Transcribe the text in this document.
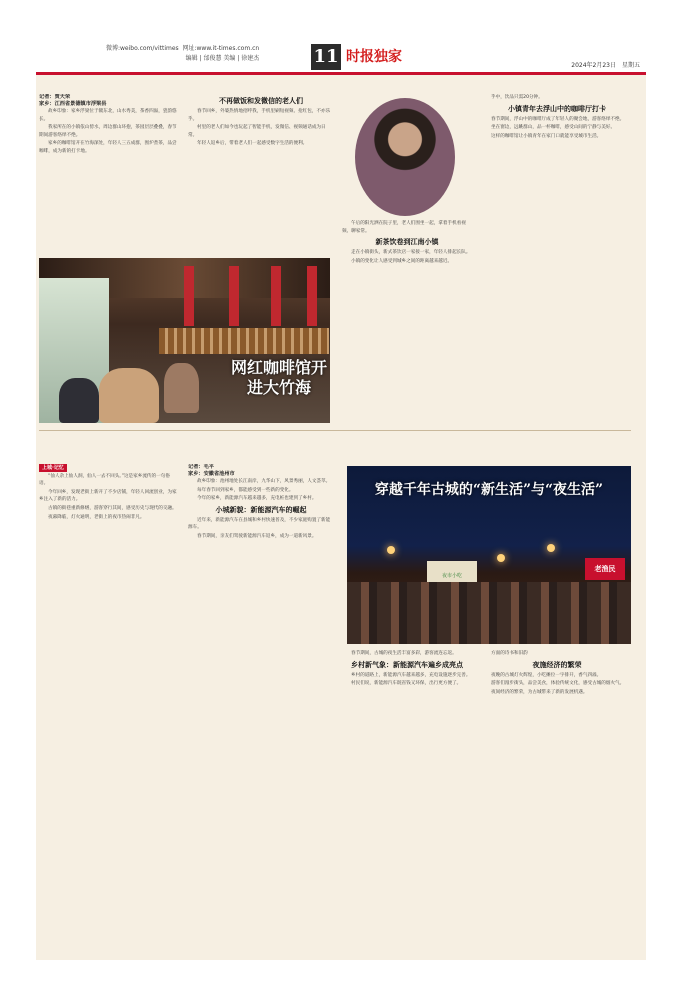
微博:weibo.com/vittimes 网址:www.it-times.com.cn
编辑 | 邰俊慧 美编 | 徐建杰	11 时报独家
2024年2月23日　星期五
记者：贾天荣
家乡：江西省景德镇市浮梁县

故乡印象：家乡浮梁位于赣东北，山水秀美，茶香四溢，瓷韵悠长。

我家所在的小镇依山傍水，周边群山环抱，茶园层层叠叠，春节期间游客络绎不绝。

家乡的咖啡馆开在竹海深处，年轻人三五成群，围炉煮茶，品尝咖啡，成为新的打卡地。

网红咖啡馆开进大竹海
不再做饭和发微信的老人们

春节回乡，外婆热情地招呼我，手机里刷短视频、抢红包，不亦乐乎。

村里的老人们如今也玩起了智能手机，发微信、视频通话成为日常。

年轻人返乡后，带着老人们一起感受数字生活的便利。

午后的阳光洒在院子里，老人们围坐一起，拿着手机看视频、聊家常。

新茶饮卷到江南小镇

走在小镇街头，新式茶饮店一家接一家，年轻人排起长队。

小镇的变化让人感受到城乡之间的距离越来越近。

乎中，饮品只需20分钟。

小镇青年去浮山中的咖啡厅打卡

春节期间，浮山中的咖啡厅成了年轻人的聚会地，游客络绎不绝。

坐在窗边，远眺群山，品一杯咖啡，感受山间的宁静与美好。

这样的咖啡馆让小镇青年在家门口就能享受城市生活。

上城·记忆

“仙人杂上仙人洞，仙人一去不回头。”这是家乡流传的一句俗语。

今年回乡，发现老街上新开了不少店铺，年轻人回流创业，为家乡注入了新的活力。

古镇的街巷重新修缮，游客穿行其间，感受历史与现代的交融。

夜幕降临，灯火通明，老街上的夜市热闹非凡。

记者：毛平
家乡：安徽省池州市

故乡印象：池州地处长江南岸，九华山下，风景秀丽，人文荟萃。

每年春节回到家乡，都能感受到一些新的变化。

今年的家乡，新能源汽车越来越多，充电桩也建到了乡村。

小城新貌：新能源汽车的崛起

近年来，新能源汽车在县城和乡村快速普及，不少家庭购置了新能源车。

春节期间，亲友们驾驶新能源汽车返乡，成为一道新风景。

穿越千年古城的“新生活”与“夜生活”
夜市小吃
老渔民

春节期间，古城的夜生活丰富多彩，游客流连忘返。

乡村新气象：新能源汽车遍乡成亮点

乡村的道路上，新能源汽车越来越多，充电设施逐步完善。

村民们说，新能源汽车既省钱又环保，出行更方便了。

方面的诗书和旧韵

夜施经济的繁荣

夜晚的古城灯火辉煌，小吃摊位一字排开，香气四溢。

游客们漫步街头，品尝美食，体验传统文化，感受古城的烟火气。

夜间经济的繁荣，为古城带来了新的发展机遇。
